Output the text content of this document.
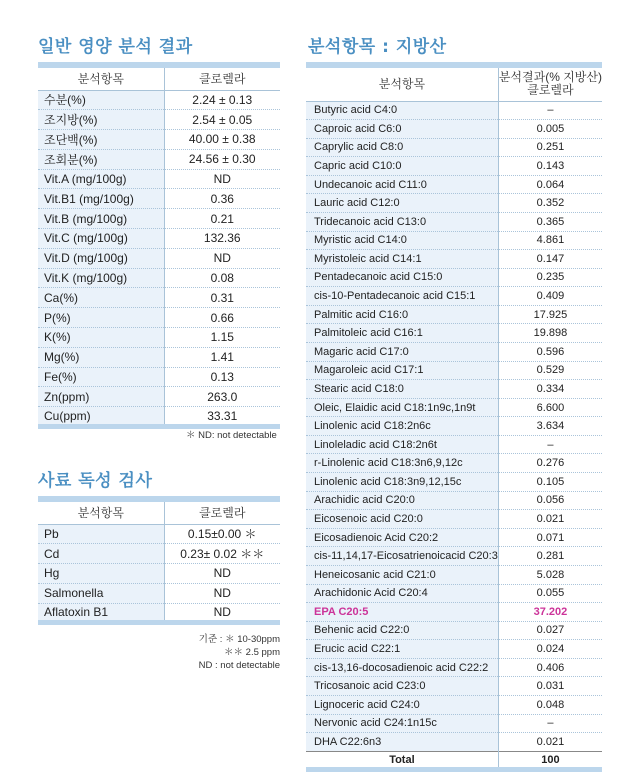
일반 영양 분석 결과
사료 독성 검사
분석항목 : 지방산
분석항목	클로렐라
수분(%)	2.24 ± 0.13
조지방(%)	2.54 ± 0.05
조단백(%)	40.00 ± 0.38
조회분(%)	24.56 ± 0.30
Vit.A (mg/100g)	ND
Vit.B1 (mg/100g)	0.36
Vit.B (mg/100g)	0.21
Vit.C (mg/100g)	132.36
Vit.D (mg/100g)	ND
Vit.K (mg/100g)	0.08
Ca(%)	0.31
P(%)	0.66
K(%)	1.15
Mg(%)	1.41
Fe(%)	0.13
Zn(ppm)	263.0
Cu(ppm)	33.31
＊ ND: not detectable
분석항목	클로렐라
Pb	0.15±0.00 ＊
Cd	0.23± 0.02 ＊＊
Hg	ND
Salmonella	ND
Aflatoxin B1	ND
기준 : ＊ 10-30ppm
＊＊ 2.5 ppm
ND : not detectable
분석항목	분석결과(% 지방산)
클로렐라

Butyric acid C4:0	–
Caproic acid C6:0	0.005
Caprylic acid C8:0	0.251
Capric acid C10:0	0.143
Undecanoic acid C11:0	0.064
Lauric acid C12:0	0.352
Tridecanoic acid C13:0	0.365
Myristic acid C14:0	4.861
Myristoleic acid C14:1	0.147
Pentadecanoic acid C15:0	0.235
cis-10-Pentadecanoic acid C15:1	0.409
Palmitic acid C16:0	17.925
Palmitoleic acid C16:1	19.898
Magaric acid C17:0	0.596
Magaroleic acid C17:1	0.529
Stearic acid C18:0	0.334
Oleic, Elaidic acid C18:1n9c,1n9t	6.600
Linolenic acid C18:2n6c	3.634
Linoleladic acid C18:2n6t	–
r-Linolenic acid C18:3n6,9,12c	0.276
Linolenic acid C18:3n9,12,15c	0.105
Arachidic acid C20:0	0.056
Eicosenoic acid C20:0	0.021
Eicosadienoic Acid C20:2	0.071
cis-11,14,17-Eicosatrienoicacid C20:3	0.281
Heneicosanic acid C21:0	5.028
Arachidonic Acid C20:4	0.055
EPA C20:5	37.202
Behenic acid C22:0	0.027
Erucic acid C22:1	0.024
cis-13,16-docosadienoic acid C22:2	0.406
Tricosanoic acid C23:0	0.031
Lignoceric acid C24:0	0.048
Nervonic acid C24:1n15c	–
DHA C22:6n3	0.021
Total	100
